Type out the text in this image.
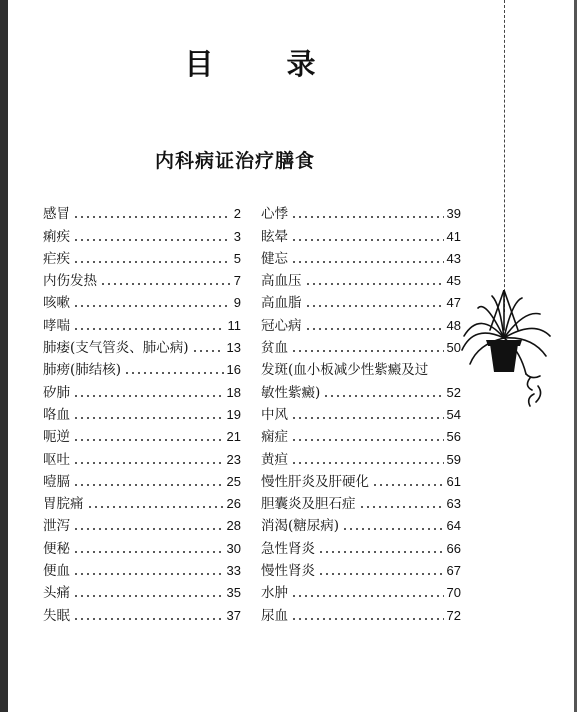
目　录
内科病证治疗膳食
感冒	2
痢疾	3
疟疾	5
内伤发热	7
咳嗽	9
哮喘	11
肺痿(支气管炎、肺心病)	13
肺痨(肺结核)	16
矽肺	18
咯血	19
呃逆	21
呕吐	23
噎膈	25
胃脘痛	26
泄泻	28
便秘	30
便血	33
头痛	35
失眠	37
心悸	39
眩晕	41
健忘	43
高血压	45
高血脂	47
冠心病	48
贫血	50
发斑(血小板减少性紫癜及过
敏性紫癜)	52
中风	54
痫症	56
黄疸	59
慢性肝炎及肝硬化	61
胆囊炎及胆石症	63
消渴(糖尿病)	64
急性肾炎	66
慢性肾炎	67
水肿	70
尿血	72
